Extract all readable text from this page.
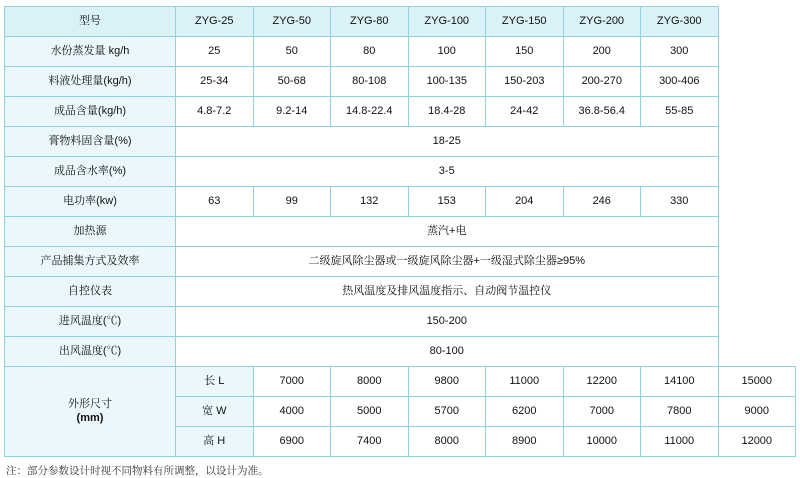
型号	ZYG-25	ZYG-50	ZYG-80	ZYG-100	ZYG-150	ZYG-200	ZYG-300	
水份蒸发量 kg/h	25	50	80	100	150	200	300	
料液处理量(kg/h)	25-34	50-68	80-108	100-135	150-203	200-270	300-406	
成品含量(kg/h)	4.8-7.2	9.2-14	14.8-22.4	18.4-28	24-42	36.8-56.4	55-85	
膏物料固含量(%)	18-25							
成品含水率(%)	3-5							
电功率(kw)	63	99	132	153	204	246	330	
加热源	蒸汽+电							
产品捕集方式及效率	二级旋风除尘器或一级旋风除尘器+一级湿式除尘器≥95%							
自控仪表	热风温度及排风温度指示、自动阀节温控仪							
进风温度(℃)	150-200							
出风温度(℃)	80-100							

外形尺寸
(mm)	长 L	7000	8000	9800	11000	12200	14100	15000
	宽 W	4000	5000	5700	6200	7000	7800	9000
	高 H	6900	7400	8000	8900	10000	11000	12000
注：部分参数设计时视不同物料有所调整，以设计为准。
